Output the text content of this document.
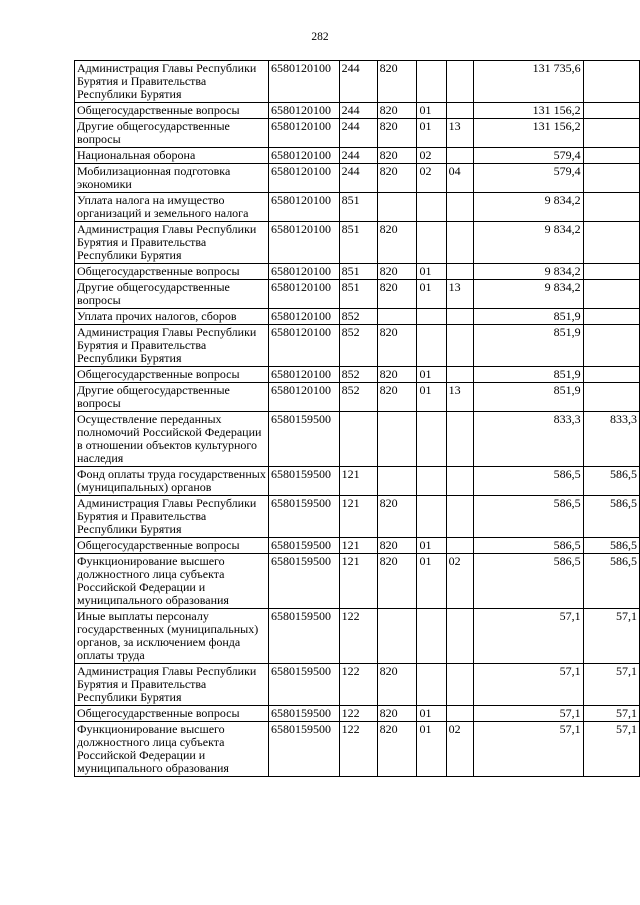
282
Администрация Главы Республики Бурятия и Правительства Республики Бурятия	6580120100	244	820			131 735,6	
Общегосударственные вопросы	6580120100	244	820	01		131 156,2	
Другие общегосударственные вопросы	6580120100	244	820	01	13	131 156,2	
Национальная оборона	6580120100	244	820	02		579,4	
Мобилизационная подготовка экономики	6580120100	244	820	02	04	579,4	
Уплата налога на имущество организаций и земельного налога	6580120100	851				9 834,2	
Администрация Главы Республики Бурятия и Правительства Республики Бурятия	6580120100	851	820			9 834,2	
Общегосударственные вопросы	6580120100	851	820	01		9 834,2	
Другие общегосударственные вопросы	6580120100	851	820	01	13	9 834,2	
Уплата прочих налогов, сборов	6580120100	852				851,9	
Администрация Главы Республики Бурятия и Правительства Республики Бурятия	6580120100	852	820			851,9	
Общегосударственные вопросы	6580120100	852	820	01		851,9	
Другие общегосударственные вопросы	6580120100	852	820	01	13	851,9	
Осуществление переданных полномочий Российской Федерации в отношении объектов культурного наследия	6580159500					833,3	833,3
Фонд оплаты труда государственных (муниципальных) органов	6580159500	121				586,5	586,5
Администрация Главы Республики Бурятия и Правительства Республики Бурятия	6580159500	121	820			586,5	586,5
Общегосударственные вопросы	6580159500	121	820	01		586,5	586,5
Функционирование высшего должностного лица субъекта Российской Федерации и муниципального образования	6580159500	121	820	01	02	586,5	586,5
Иные выплаты персоналу государственных (муниципальных) органов, за исключением фонда оплаты труда	6580159500	122				57,1	57,1
Администрация Главы Республики Бурятия и Правительства Республики Бурятия	6580159500	122	820			57,1	57,1
Общегосударственные вопросы	6580159500	122	820	01		57,1	57,1
Функционирование высшего должностного лица субъекта Российской Федерации и муниципального образования	6580159500	122	820	01	02	57,1	57,1
